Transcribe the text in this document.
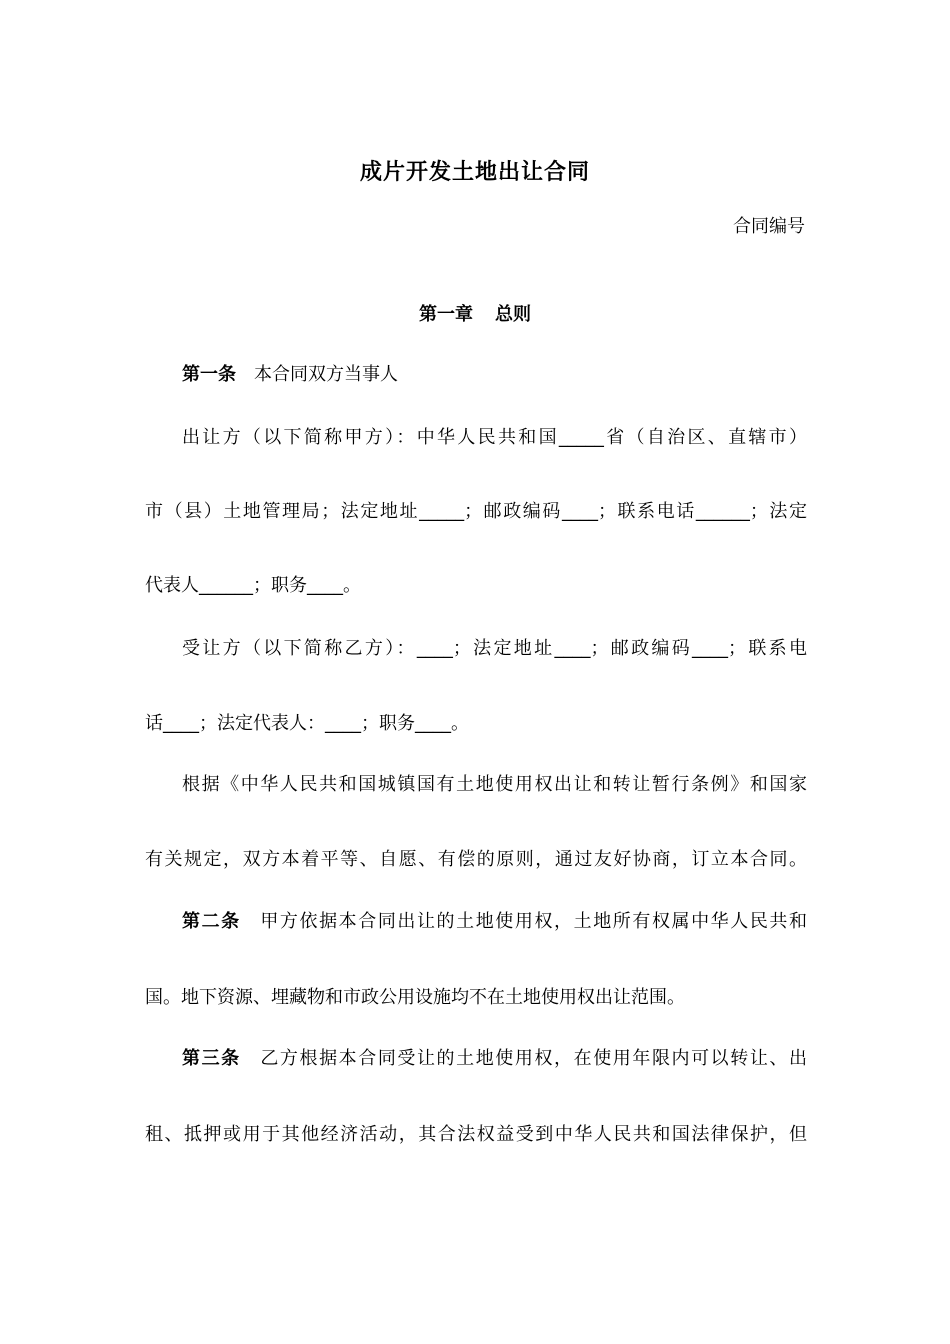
成片开发土地出让合同
合同编号
第一章 总则
第一条 本合同双方当事人
出让方（以下简称甲方）：中华人民共和国_____省（自治区、直辖市）
市（县）土地管理局；法定地址_____；邮政编码____；联系电话______；法定
代表人______；职务____。
受让方（以下简称乙方）：____；法定地址____；邮政编码____；联系电
话____；法定代表人：____；职务____。
根据《中华人民共和国城镇国有土地使用权出让和转让暂行条例》和国家
有关规定，双方本着平等、自愿、有偿的原则，通过友好协商，订立本合同。
第二条 甲方依据本合同出让的土地使用权，土地所有权属中华人民共和
国。地下资源、埋藏物和市政公用设施均不在土地使用权出让范围。
第三条 乙方根据本合同受让的土地使用权，在使用年限内可以转让、出
租、抵押或用于其他经济活动，其合法权益受到中华人民共和国法律保护，但
